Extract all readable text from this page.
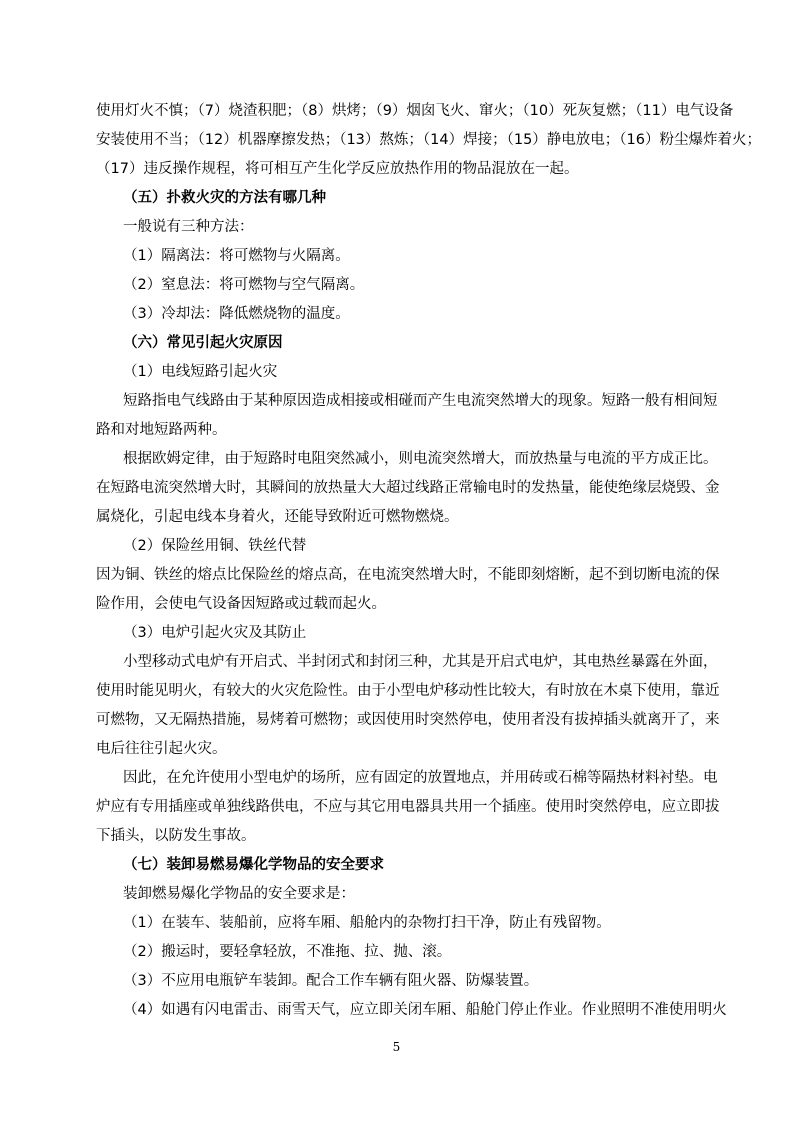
使用灯火不慎；（7）烧渣积肥；（8）烘烤；（9）烟囱飞火、窜火；（10）死灰复燃；（11）电气设备
安装使用不当；（12）机器摩擦发热；（13）熬炼；（14）焊接；（15）静电放电；（16）粉尘爆炸着火；
（17）违反操作规程，将可相互产生化学反应放热作用的物品混放在一起。
（五）扑救火灾的方法有哪几种
一般说有三种方法：
（1）隔离法：将可燃物与火隔离。
（2）窒息法：将可燃物与空气隔离。
（3）冷却法：降低燃烧物的温度。
（六）常见引起火灾原因
（1）电线短路引起火灾
短路指电气线路由于某种原因造成相接或相碰而产生电流突然增大的现象。短路一般有相间短
路和对地短路两种。
根据欧姆定律，由于短路时电阻突然减小，则电流突然增大，而放热量与电流的平方成正比。
在短路电流突然增大时，其瞬间的放热量大大超过线路正常输电时的发热量，能使绝缘层烧毁、金
属烧化，引起电线本身着火，还能导致附近可燃物燃烧。
（2）保险丝用铜、铁丝代替
因为铜、铁丝的熔点比保险丝的熔点高，在电流突然增大时，不能即刻熔断，起不到切断电流的保
险作用，会使电气设备因短路或过载而起火。
（3）电炉引起火灾及其防止
小型移动式电炉有开启式、半封闭式和封闭三种，尤其是开启式电炉，其电热丝暴露在外面，
使用时能见明火，有较大的火灾危险性。由于小型电炉移动性比较大，有时放在木桌下使用，靠近
可燃物，又无隔热措施，易烤着可燃物；或因使用时突然停电，使用者没有拔掉插头就离开了，来
电后往往引起火灾。
因此，在允许使用小型电炉的场所，应有固定的放置地点，并用砖或石棉等隔热材料衬垫。电
炉应有专用插座或单独线路供电，不应与其它用电器具共用一个插座。使用时突然停电，应立即拔
下插头，以防发生事故。
（七）装卸易燃易爆化学物品的安全要求
装卸燃易爆化学物品的安全要求是：
（1）在装车、装船前，应将车厢、船舱内的杂物打扫干净，防止有残留物。
（2）搬运时，要轻拿轻放，不准拖、拉、抛、滚。
（3）不应用电瓶铲车装卸。配合工作车辆有阻火器、防爆装置。
（4）如遇有闪电雷击、雨雪天气，应立即关闭车厢、船舱门停止作业。作业照明不准使用明火
5
